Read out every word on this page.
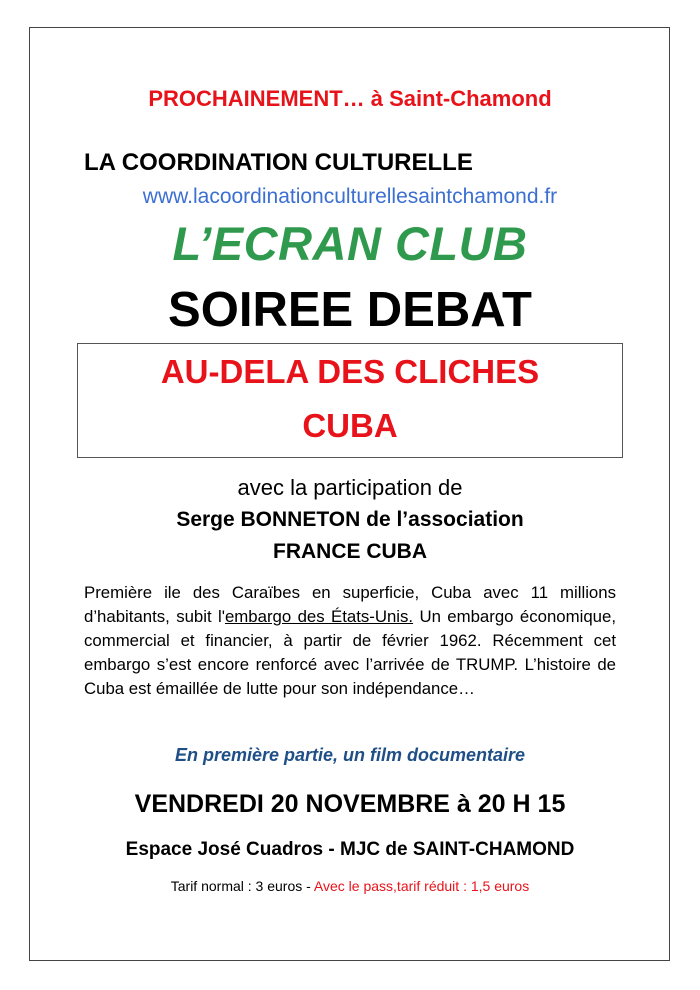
PROCHAINEMENT… à Saint-Chamond
LA COORDINATION CULTURELLE
www.lacoordinationculturellesaintchamond.fr
L’ECRAN CLUB
SOIREE DEBAT
AU-DELA DES CLICHES
CUBA
avec la participation de
Serge BONNETON de l’association
FRANCE CUBA
Première ile des Caraïbes en superficie, Cuba avec 11 millions d’habitants, subit l'embargo des États-Unis. Un embargo économique, commercial et financier, à partir de février 1962. Récemment cet embargo s’est encore renforcé avec l’arrivée de TRUMP. L’histoire de Cuba est émaillée de lutte pour son indépendance…
En première partie, un film documentaire
VENDREDI 20 NOVEMBRE à 20 H 15
Espace José Cuadros - MJC de SAINT-CHAMOND
Tarif normal : 3 euros - Avec le pass,tarif réduit : 1,5 euros
